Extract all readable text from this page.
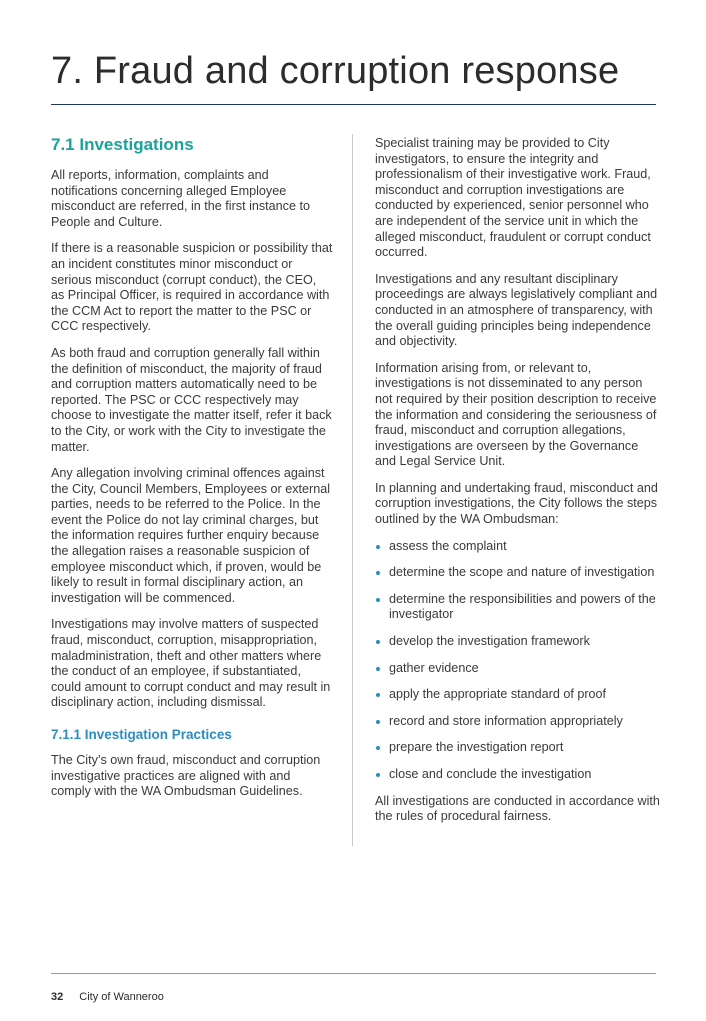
7. Fraud and corruption response
7.1 Investigations

All reports, information, complaints and notifications concerning alleged Employee misconduct are referred, in the first instance to People and Culture.

If there is a reasonable suspicion or possibility that an incident constitutes minor misconduct or serious misconduct (corrupt conduct), the CEO, as Principal Officer, is required in accordance with the CCM Act to report the matter to the PSC or CCC respectively.

As both fraud and corruption generally fall within the definition of misconduct, the majority of fraud and corruption matters automatically need to be reported. The PSC or CCC respectively may choose to investigate the matter itself, refer it back to the City, or work with the City to investigate the matter.

Any allegation involving criminal offences against the City, Council Members, Employees or external parties, needs to be referred to the Police. In the event the Police do not lay criminal charges, but the information requires further enquiry because the allegation raises a reasonable suspicion of employee misconduct which, if proven, would be likely to result in formal disciplinary action, an investigation will be commenced.

Investigations may involve matters of suspected fraud, misconduct, corruption, misappropriation, maladministration, theft and other matters where the conduct of an employee, if substantiated, could amount to corrupt conduct and may result in disciplinary action, including dismissal.

7.1.1 Investigation Practices

The City’s own fraud, misconduct and corruption investigative practices are aligned with and comply with the WA Ombudsman Guidelines.

Specialist training may be provided to City investigators, to ensure the integrity and professionalism of their investigative work. Fraud, misconduct and corruption investigations are conducted by experienced, senior personnel who are independent of the service unit in which the alleged misconduct, fraudulent or corrupt conduct occurred.

Investigations and any resultant disciplinary proceedings are always legislatively compliant and conducted in an atmosphere of transparency, with the overall guiding principles being independence and objectivity.

Information arising from, or relevant to, investigations is not disseminated to any person not required by their position description to receive the information and considering the seriousness of fraud, misconduct and corruption allegations, investigations are overseen by the Governance and Legal Service Unit.

In planning and undertaking fraud, misconduct and corruption investigations, the City follows the steps outlined by the WA Ombudsman:

assess the complaint
determine the scope and nature of investigation
determine the responsibilities and powers of the investigator
develop the investigation framework
gather evidence
apply the appropriate standard of proof
record and store information appropriately
prepare the investigation report
close and conclude the investigation

All investigations are conducted in accordance with the rules of procedural fairness.

32 City of Wanneroo
